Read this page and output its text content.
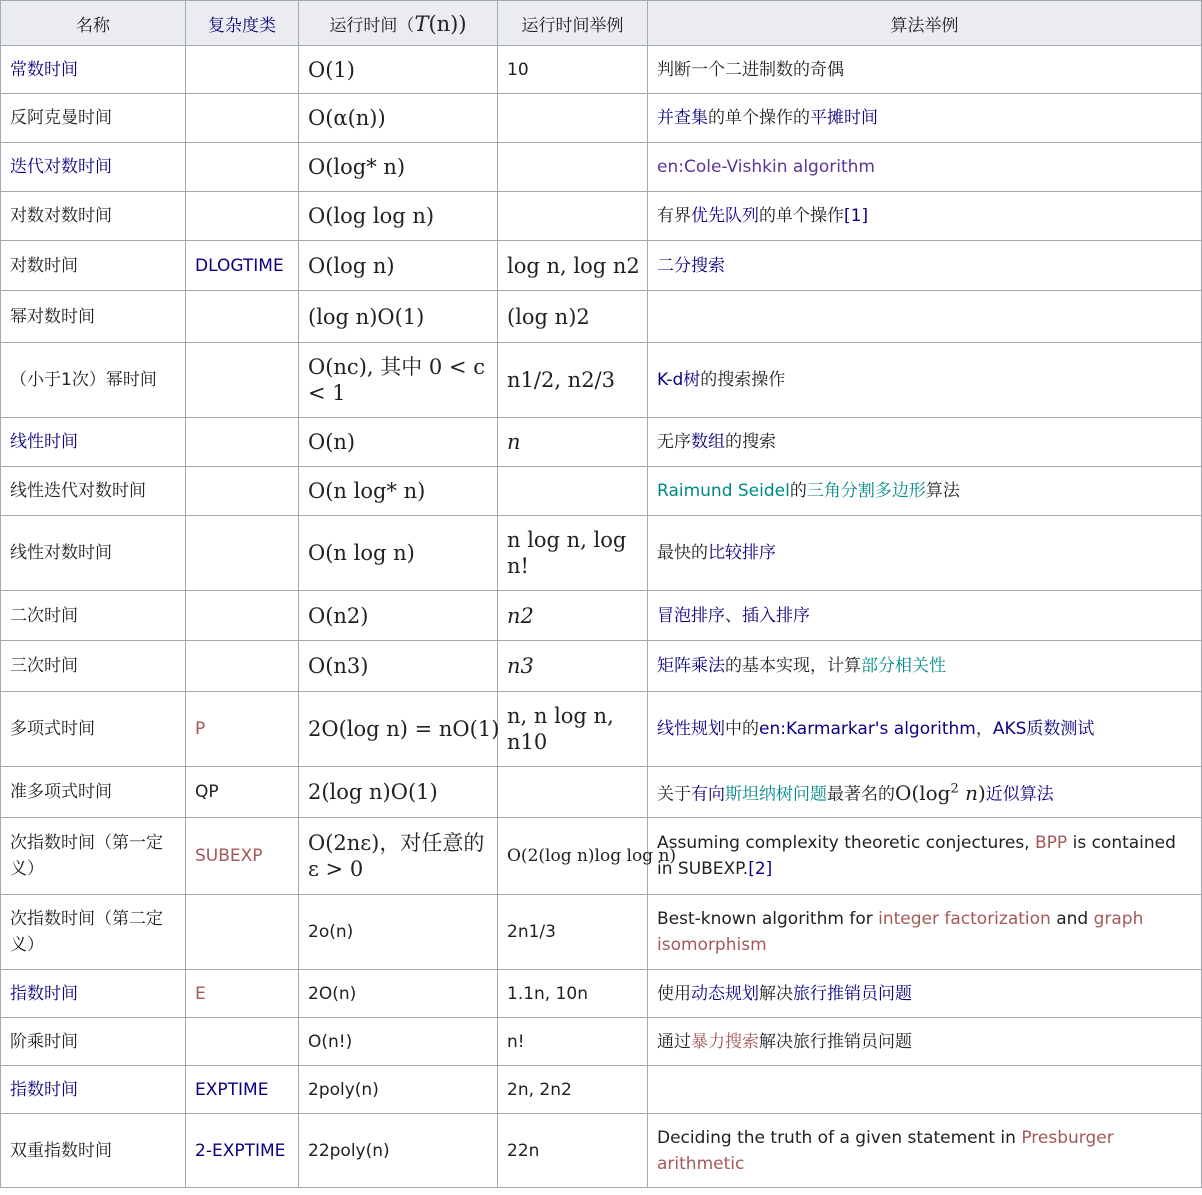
名称	复杂度类	运行时间（T(n))	运行时间举例	算法举例
常数时间		O(1)	10	判断一个二进制数的奇偶
反阿克曼时间		O(α(n))		并查集的单个操作的平摊时间
迭代对数时间		O(log* n)		en:Cole-Vishkin algorithm
对数对数时间		O(log log n)		有界优先队列的单个操作[1]
对数时间	DLOGTIME	O(log n)	log n, log n2	二分搜索
幂对数时间		(log n)O(1)	(log n)2	
（小于1次）幂时间		O(nc), 其中 0 < c < 1	n1/2, n2/3	K-d树的搜索操作
线性时间		O(n)	n	无序数组的搜索
线性迭代对数时间		O(n log* n)		Raimund Seidel的三角分割多边形算法
线性对数时间		O(n log n)	n log n, log n!	最快的比较排序
二次时间		O(n2)	n2	冒泡排序、插入排序
三次时间		O(n3)	n3	矩阵乘法的基本实现，计算部分相关性
多项式时间	P	2O(log n) = nO(1)	n, n log n, n10	线性规划中的en:Karmarkar's algorithm，AKS质数测试
准多项式时间	QP	2(log n)O(1)		关于有向斯坦纳树问题最著名的$O(\log^2$ n)近似算法
次指数时间（第一定义）	SUBEXP	O(2nε)，对任意的 ε > 0	O(2(log n)log log n)	Assuming complexity theoretic conjectures, BPP is contained in SUBEXP.[2]
次指数时间（第二定义）		2o(n)	2n1/3	Best-known algorithm for integer factorization and graph isomorphism
指数时间	E	2O(n)	1.1n, 10n	使用动态规划解决旅行推销员问题
阶乘时间		O(n!)	n!	通过暴力搜索解决旅行推销员问题
指数时间	EXPTIME	2poly(n)	2n, 2n2	
双重指数时间	2-EXPTIME	22poly(n)	22n	Deciding the truth of a given statement in Presburger arithmetic
